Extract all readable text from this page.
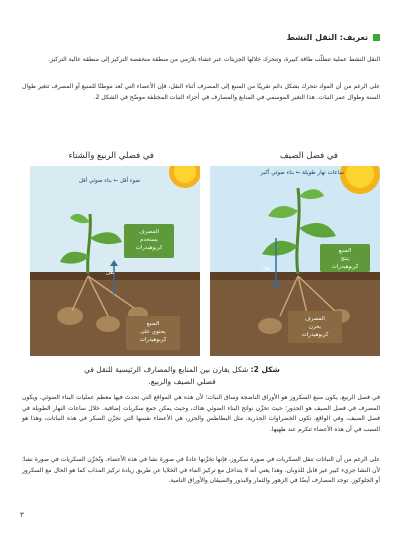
تعريف: النقل النشط
النقل النشط عملية تتطلّب طاقة كبيرة، وتتحرك خلالها الجزيئات عبر غشاء بلازمي من منطقة منخفضة التركيز إلى منطقة عالية التركيز.
على الرغم من أن المواد تتحرك بشكل دائم تقريبًا من المنبع إلى المصرف أثناء النقل، فإن الأعضاء التي تُعد موطنًا للمنبع أو المصرف تتغير طوال السنة وطوال عمر النبات. هذا التغير الموسمي في المنابع والمصارف في أجزاء النبات المختلفة موضّح في الشكل 2.
في فصل الصيف
في فصلي الربيع والشتاء
ساعات نهار طويلة ← بناء ضوئي أكبر
المنبع
ينتج
كربوهيدرات
المصرف
يخزن
كربوهيدرات
نقل
ضوء أقل ← بناء ضوئي أقل
المصرف
يستخدم
كربوهيدرات
المنبع
يحتوي على
كربوهيدرات
نقل
شكل 2: شكل يقارن بين المنابع والمصارف الرئيسية للنقل في فصلي الصيف والربيع.
في فصل الربيع، يكون منبع السكروز هو الأوراق الناضجة وساق النبات؛ لأن هذه هي المواقع التي تحدث فيها معظم عمليات البناء الضوئي. ويكون المصرف في فصل الصيف هو الجذور؛ حيث تخزّن نواتج البناء الضوئي هناك، وحيث يمكن جمع سكريات إضافية. خلال ساعات النهار الطويلة في فصل الصيف، وفي الواقع، تكون الخضراوات الجذرية، مثل البطاطس والجزر، هي الأعضاء نفسها التي تخزّن السكر في هذه النباتات، وهذا هو السبب في أن هذه الأعضاء تتكرم عند طهيها.
على الرغم من أن النباتات تنقل السكريات في صورة سكروز، فإنها تخزّنها عادةً في صورة نشا في هذه الأعضاء. وتُخزّن السكريات في صورة نشا؛ لأن النشا جزيء كبير غير قابل للذوبان. وهذا يعني أنه لا يتداخل مع تركيز الماء في الخلايا عن طريق زيادة تركيز المذاب كما هو الحال مع السكروز أو الجلوكوز. توجد المصارف أيضًا في الزهور والثمار والبذور والسيقان والأوراق النامية.
٣
